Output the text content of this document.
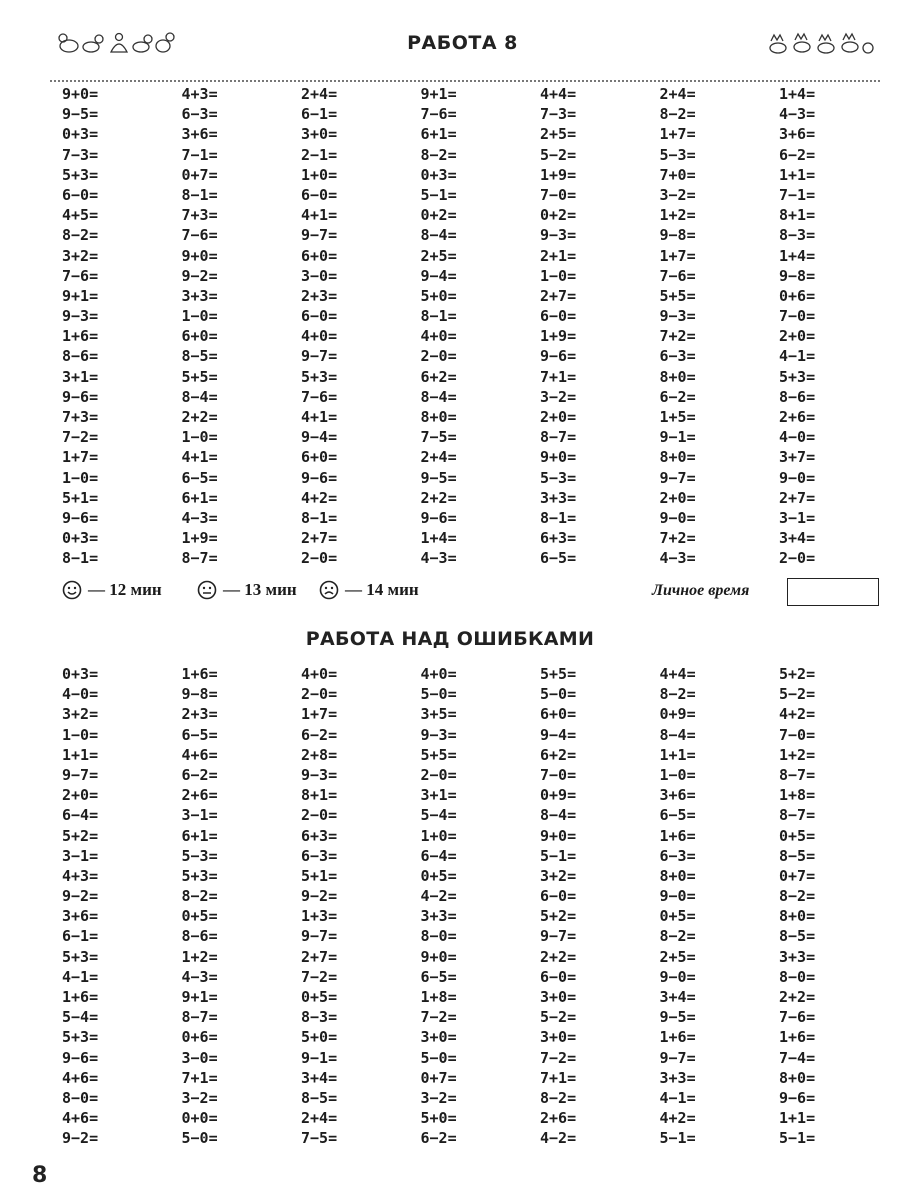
РАБОТА 8
9+0=	4+3=	2+4=	9+1=	4+4=	2+4=	1+4=
9−5=	6−3=	6−1=	7−6=	7−3=	8−2=	4−3=
0+3=	3+6=	3+0=	6+1=	2+5=	1+7=	3+6=
7−3=	7−1=	2−1=	8−2=	5−2=	5−3=	6−2=
5+3=	0+7=	1+0=	0+3=	1+9=	7+0=	1+1=
6−0=	8−1=	6−0=	5−1=	7−0=	3−2=	7−1=
4+5=	7+3=	4+1=	0+2=	0+2=	1+2=	8+1=
8−2=	7−6=	9−7=	8−4=	9−3=	9−8=	8−3=
3+2=	9+0=	6+0=	2+5=	2+1=	1+7=	1+4=
7−6=	9−2=	3−0=	9−4=	1−0=	7−6=	9−8=
9+1=	3+3=	2+3=	5+0=	2+7=	5+5=	0+6=
9−3=	1−0=	6−0=	8−1=	6−0=	9−3=	7−0=
1+6=	6+0=	4+0=	4+0=	1+9=	7+2=	2+0=
8−6=	8−5=	9−7=	2−0=	9−6=	6−3=	4−1=
3+1=	5+5=	5+3=	6+2=	7+1=	8+0=	5+3=
9−6=	8−4=	7−6=	8−4=	3−2=	6−2=	8−6=
7+3=	2+2=	4+1=	8+0=	2+0=	1+5=	2+6=
7−2=	1−0=	9−4=	7−5=	8−7=	9−1=	4−0=
1+7=	4+1=	6+0=	2+4=	9+0=	8+0=	3+7=
1−0=	6−5=	9−6=	9−5=	5−3=	9−7=	9−0=
5+1=	6+1=	4+2=	2+2=	3+3=	2+0=	2+7=
9−6=	4−3=	8−1=	9−6=	8−1=	9−0=	3−1=
0+3=	1+9=	2+7=	1+4=	6+3=	7+2=	3+4=
8−1=	8−7=	2−0=	4−3=	6−5=	4−3=	2−0=
— 12 мин	— 13 мин	— 14 мин	Личное время
РАБОТА НАД ОШИБКАМИ
0+3=	1+6=	4+0=	4+0=	5+5=	4+4=	5+2=
4−0=	9−8=	2−0=	5−0=	5−0=	8−2=	5−2=
3+2=	2+3=	1+7=	3+5=	6+0=	0+9=	4+2=
1−0=	6−5=	6−2=	9−3=	9−4=	8−4=	7−0=
1+1=	4+6=	2+8=	5+5=	6+2=	1+1=	1+2=
9−7=	6−2=	9−3=	2−0=	7−0=	1−0=	8−7=
2+0=	2+6=	8+1=	3+1=	0+9=	3+6=	1+8=
6−4=	3−1=	2−0=	5−4=	8−4=	6−5=	8−7=
5+2=	6+1=	6+3=	1+0=	9+0=	1+6=	0+5=
3−1=	5−3=	6−3=	6−4=	5−1=	6−3=	8−5=
4+3=	5+3=	5+1=	0+5=	3+2=	8+0=	0+7=
9−2=	8−2=	9−2=	4−2=	6−0=	9−0=	8−2=
3+6=	0+5=	1+3=	3+3=	5+2=	0+5=	8+0=
6−1=	8−6=	9−7=	8−0=	9−7=	8−2=	8−5=
5+3=	1+2=	2+7=	9+0=	2+2=	2+5=	3+3=
4−1=	4−3=	7−2=	6−5=	6−0=	9−0=	8−0=
1+6=	9+1=	0+5=	1+8=	3+0=	3+4=	2+2=
5−4=	8−7=	8−3=	7−2=	5−2=	9−5=	7−6=
5+3=	0+6=	5+0=	3+0=	3+0=	1+6=	1+6=
9−6=	3−0=	9−1=	5−0=	7−2=	9−7=	7−4=
4+6=	7+1=	3+4=	0+7=	7+1=	3+3=	8+0=
8−0=	3−2=	8−5=	3−2=	8−2=	4−1=	9−6=
4+6=	0+0=	2+4=	5+0=	2+6=	4+2=	1+1=
9−2=	5−0=	7−5=	6−2=	4−2=	5−1=	5−1=
8
